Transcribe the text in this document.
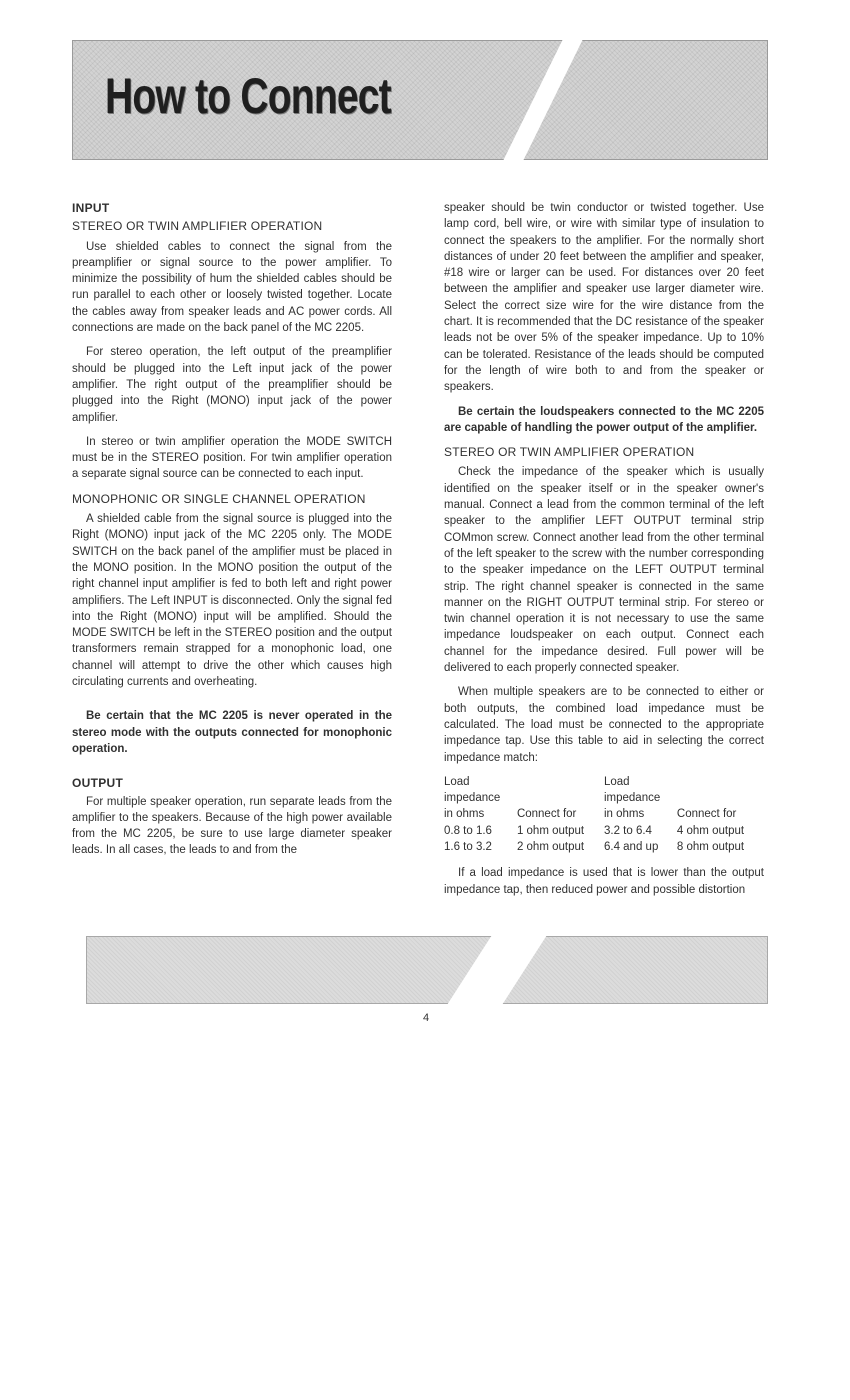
How to Connect
INPUT
STEREO OR TWIN AMPLIFIER OPERATION

Use shielded cables to connect the signal from the preamplifier or signal source to the power amplifier. To minimize the possibility of hum the shielded cables should be run parallel to each other or loosely twisted together. Locate the cables away from speaker leads and AC power cords. All connections are made on the back panel of the MC 2205.

For stereo operation, the left output of the preamplifier should be plugged into the Left input jack of the power amplifier. The right output of the preamplifier should be plugged into the Right (MONO) input jack of the power amplifier.

In stereo or twin amplifier operation the MODE SWITCH must be in the STEREO position. For twin amplifier operation a separate signal source can be connected to each input.

MONOPHONIC OR SINGLE CHANNEL OPERATION

A shielded cable from the signal source is plugged into the Right (MONO) input jack of the MC 2205 only. The MODE SWITCH on the back panel of the amplifier must be placed in the MONO position. In the MONO position the output of the right channel input amplifier is fed to both left and right power amplifiers. The Left INPUT is disconnected. Only the signal fed into the Right (MONO) input will be amplified. Should the MODE SWITCH be left in the STEREO position and the output transformers remain strapped for a monophonic load, one channel will attempt to drive the other which causes high circulating currents and overheating.

Be certain that the MC 2205 is never operated in the stereo mode with the outputs connected for monophonic operation.

OUTPUT

For multiple speaker operation, run separate leads from the amplifier to the speakers. Because of the high power available from the MC 2205, be sure to use large diameter speaker leads. In all cases, the leads to and from the

speaker should be twin conductor or twisted together. Use lamp cord, bell wire, or wire with similar type of insulation to connect the speakers to the amplifier. For the normally short distances of under 20 feet between the amplifier and speaker, #18 wire or larger can be used. For distances over 20 feet between the amplifier and speaker use larger diameter wire. Select the correct size wire for the wire distance from the chart. It is recommended that the DC resistance of the speaker leads not be over 5% of the speaker impedance. Up to 10% can be tolerated. Resistance of the leads should be computed for the length of wire both to and from the speaker or speakers.

Be certain the loudspeakers connected to the MC 2205 are capable of handling the power output of the amplifier.

STEREO OR TWIN AMPLIFIER OPERATION

Check the impedance of the speaker which is usually identified on the speaker itself or in the speaker owner's manual. Connect a lead from the common terminal of the left speaker to the amplifier LEFT OUTPUT terminal strip COMmon screw. Connect another lead from the other terminal of the left speaker to the screw with the number corresponding to the speaker impedance on the LEFT OUTPUT terminal strip. The right channel speaker is connected in the same manner on the RIGHT OUTPUT terminal strip. For stereo or twin channel operation it is not necessary to use the same impedance loudspeaker on each output. Connect each channel for the impedance desired. Full power will be delivered to each properly connected speaker.

When multiple speakers are to be connected to either or both outputs, the combined load impedance must be calculated. The load must be connected to the appropriate impedance tap. Use this table to aid in selecting the correct impedance match:

Load		Load	
impedance		impedance	
in ohms	Connect for	in ohms	Connect for
0.8 to 1.6	1 ohm output	3.2 to 6.4	4 ohm output
1.6 to 3.2	2 ohm output	6.4 and up	8 ohm output

If a load impedance is used that is lower than the output impedance tap, then reduced power and possible distortion

4
